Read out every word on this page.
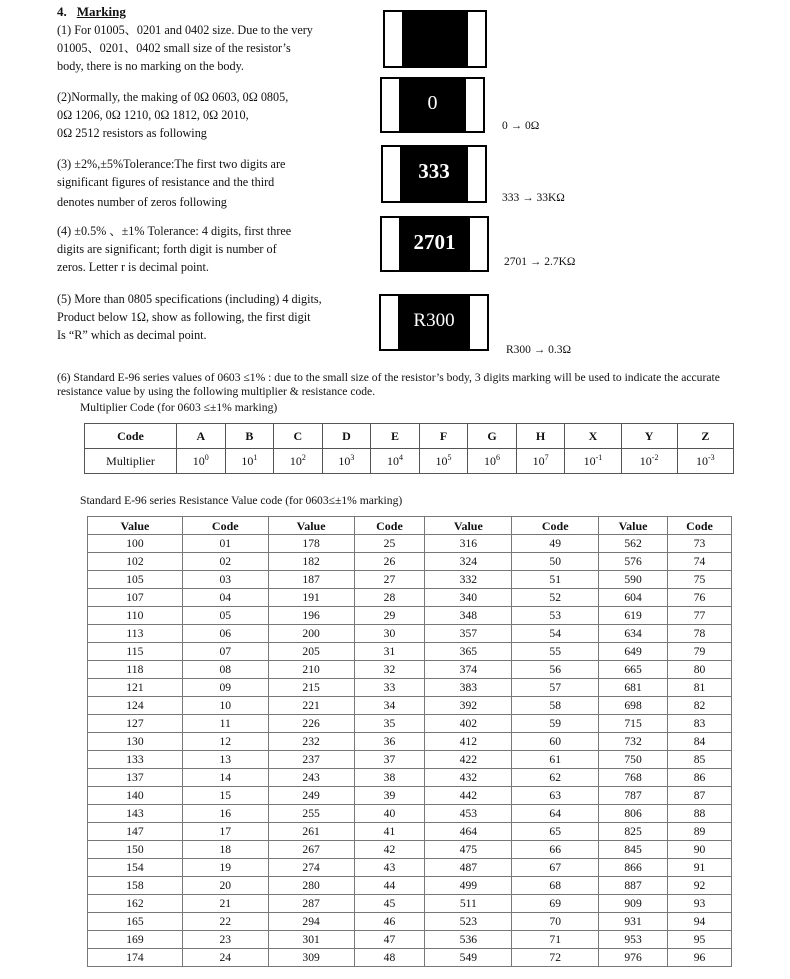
4. Marking
(1) For 01005、0201 and 0402 size. Due to the very
01005、0201、0402 small size of the resistor’s
body, there is no marking on the body.
(2)Normally, the making of 0Ω 0603, 0Ω 0805,
0Ω 1206, 0Ω 1210, 0Ω 1812, 0Ω 2010,
0Ω 2512 resistors as following
(3) ±2%,±5%Tolerance:The first two digits are
significant figures of resistance and the third
denotes number of zeros following
(4) ±0.5% 、±1% Tolerance: 4 digits, first three
digits are significant; forth digit is number of
zeros. Letter r is decimal point.
(5) More than 0805 specifications (including) 4 digits,
Product below 1Ω, show as following, the first digit
Is “R” which as decimal point.
0
333
2701
R300
0 → 0Ω
333 → 33KΩ
2701 → 2.7KΩ
R300 → 0.3Ω
(6) Standard E-96 series values of 0603 ≤1% : due to the small size of the resistor’s body, 3 digits marking will be used to indicate the accurate
resistance value by using the following multiplier & resistance code.
Multiplier Code (for 0603 ≤±1% marking)
Code	A	B	C	D	E	F	G	H	X	Y	Z
Multiplier	$10^0$	$10^1$	$10^2$	$10^3$	$10^4$	$10^5$	$10^6$	$10^7$	$10^{-1}$	$10^{-2}$	$10^{-3}$
Standard E-96 series Resistance Value code (for 0603≤±1% marking)
Value	Code	Value	Code	Value	Code	Value	Code
100	01	178	25	316	49	562	73
102	02	182	26	324	50	576	74
105	03	187	27	332	51	590	75
107	04	191	28	340	52	604	76
110	05	196	29	348	53	619	77
113	06	200	30	357	54	634	78
115	07	205	31	365	55	649	79
118	08	210	32	374	56	665	80
121	09	215	33	383	57	681	81
124	10	221	34	392	58	698	82
127	11	226	35	402	59	715	83
130	12	232	36	412	60	732	84
133	13	237	37	422	61	750	85
137	14	243	38	432	62	768	86
140	15	249	39	442	63	787	87
143	16	255	40	453	64	806	88
147	17	261	41	464	65	825	89
150	18	267	42	475	66	845	90
154	19	274	43	487	67	866	91
158	20	280	44	499	68	887	92
162	21	287	45	511	69	909	93
165	22	294	46	523	70	931	94
169	23	301	47	536	71	953	95
174	24	309	48	549	72	976	96
